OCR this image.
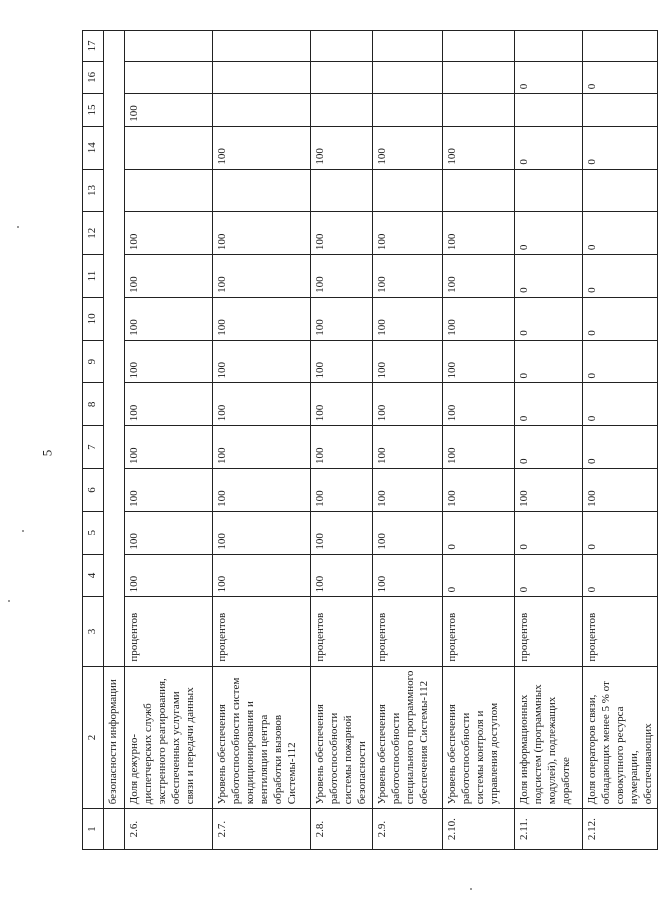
5
1	2	3	4	5	6	7	8	9	10	11	12	13	14	15	16	17
	безопасности информации															
2.6.	Доля дежурно-диспетчерских служб экстренного реагирования, обеспеченных услугами связи и передачи данных	процентов	100	100	100	100	100	100	100	100	100			100		
2.7.	Уровень обеспечения работоспособности систем кондиционирования и вентиляции центра обработки вызовов Системы-112	процентов	100	100	100	100	100	100	100	100	100		100			
2.8.	Уровень обеспечения работоспособности системы пожарной безопасности	процентов	100	100	100	100	100	100	100	100	100		100			
2.9.	Уровень обеспечения работоспособности специального программного обеспечения Системы-112	процентов	100	100	100	100	100	100	100	100	100		100			
2.10.	Уровень обеспечения работоспособности системы контроля и управления доступом	процентов	0	0	100	100	100	100	100	100	100		100			
2.11.	Доля информационных подсистем (программных модулей), подлежащих доработке	процентов	0	0	100	0	0	0	0	0	0		0		0	
2.12.	Доля операторов связи, обладающих менее 5 % от совокупного ресурса нумерации, обеспечивающих	процентов	0	0	100	0	0	0	0	0	0		0		0	
